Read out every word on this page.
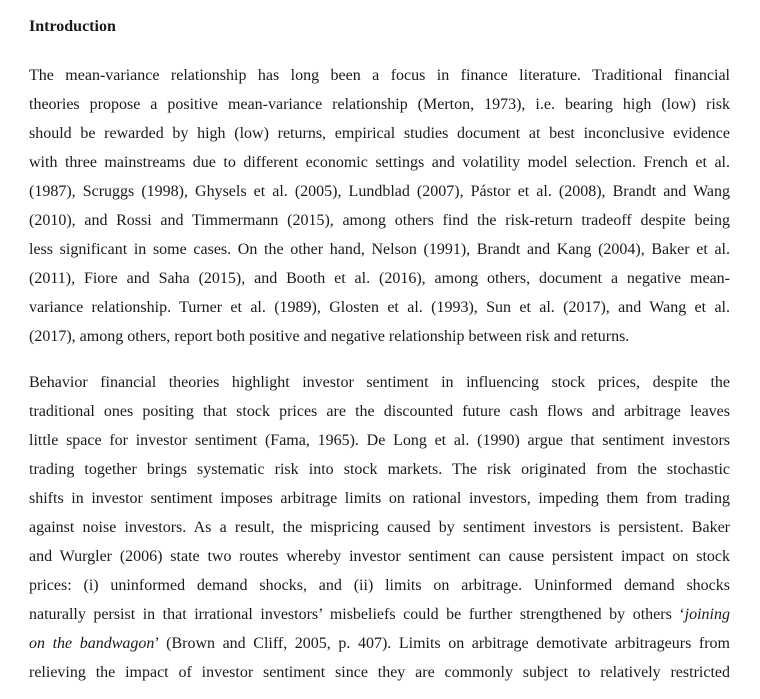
Introduction
The mean-variance relationship has long been a focus in finance literature. Traditional financial
theories propose a positive mean-variance relationship (Merton, 1973), i.e. bearing high (low) risk
should be rewarded by high (low) returns, empirical studies document at best inconclusive evidence
with three mainstreams due to different economic settings and volatility model selection. French et al.
(1987), Scruggs (1998), Ghysels et al. (2005), Lundblad (2007), Pástor et al. (2008), Brandt and Wang
(2010), and Rossi and Timmermann (2015), among others find the risk-return tradeoff despite being
less significant in some cases. On the other hand, Nelson (1991), Brandt and Kang (2004), Baker et al.
(2011), Fiore and Saha (2015), and Booth et al. (2016), among others, document a negative mean-
variance relationship. Turner et al. (1989), Glosten et al. (1993), Sun et al. (2017), and Wang et al.
(2017), among others, report both positive and negative relationship between risk and returns.
Behavior financial theories highlight investor sentiment in influencing stock prices, despite the
traditional ones positing that stock prices are the discounted future cash flows and arbitrage leaves
little space for investor sentiment (Fama, 1965). De Long et al. (1990) argue that sentiment investors
trading together brings systematic risk into stock markets. The risk originated from the stochastic
shifts in investor sentiment imposes arbitrage limits on rational investors, impeding them from trading
against noise investors. As a result, the mispricing caused by sentiment investors is persistent. Baker
and Wurgler (2006) state two routes whereby investor sentiment can cause persistent impact on stock
prices: (i) uninformed demand shocks, and (ii) limits on arbitrage. Uninformed demand shocks
naturally persist in that irrational investors’ misbeliefs could be further strengthened by others ‘joining
on the bandwagon’ (Brown and Cliff, 2005, p. 407). Limits on arbitrage demotivate arbitrageurs from
relieving the impact of investor sentiment since they are commonly subject to relatively restricted
